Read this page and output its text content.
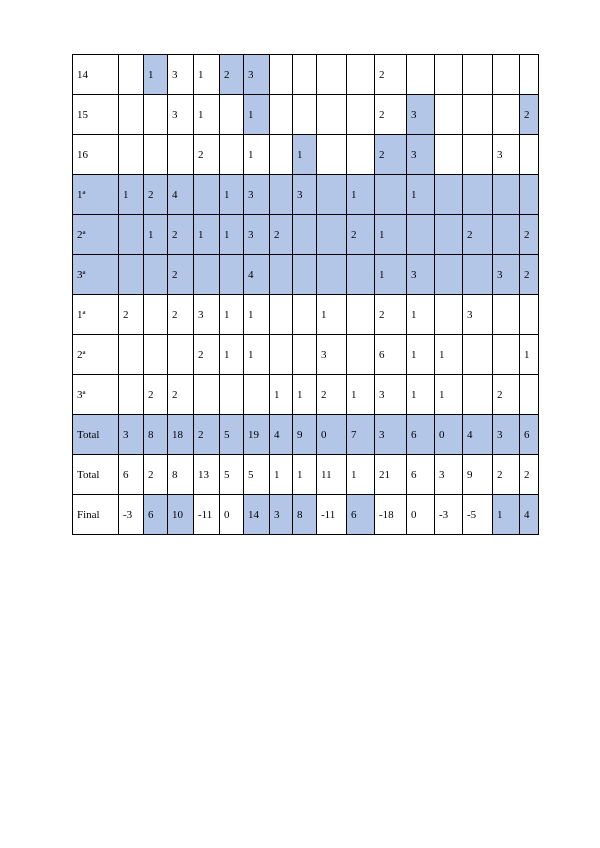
14		1	3	1	2	3					2					
15			3	1		1					2	3				2
16				2		1		1			2	3			3	
1ª	1	2	4		1	3		3		1		1				
2ª		1	2	1	1	3	2			2	1			2		2
3ª			2			4					1	3			3	2
1ª	2		2	3	1	1			1		2	1		3		
2ª				2	1	1			3		6	1	1			1
3ª		2	2				1	1	2	1	3	1	1		2	
Total	3	8	18	2	5	19	4	9	0	7	3	6	0	4	3	6
Total	6	2	8	13	5	5	1	1	11	1	21	6	3	9	2	2
Final	-3	6	10	-11	0	14	3	8	-11	6	-18	0	-3	-5	1	4
